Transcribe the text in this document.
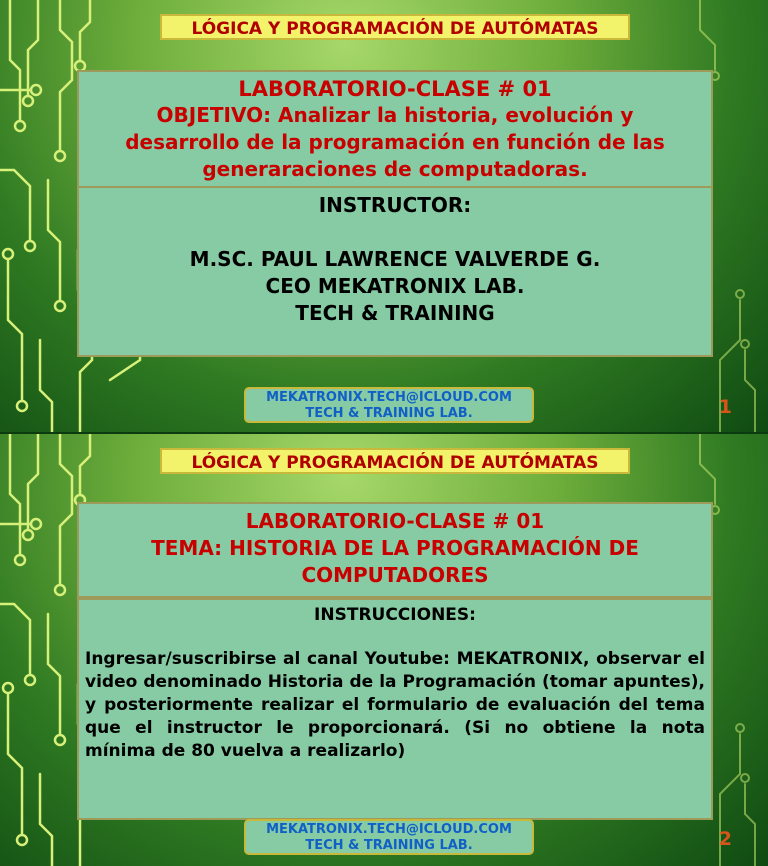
LÓGICA Y PROGRAMACIÓN DE AUTÓMATAS
LABORATORIO-CLASE # 01
OBJETIVO: Analizar la historia, evolución y
desarrollo de la programación en función de las
generaraciones de computadoras.
INSTRUCTOR:
M.SC. PAUL LAWRENCE VALVERDE G.
CEO MEKATRONIX LAB.
TECH & TRAINING
MEKATRONIX.TECH@ICLOUD.COM
TECH & TRAINING LAB.	1
LÓGICA Y PROGRAMACIÓN DE AUTÓMATAS
LABORATORIO-CLASE # 01
TEMA: HISTORIA DE LA PROGRAMACIÓN DE
COMPUTADORES
INSTRUCCIONES:
Ingresar/suscribirse al canal Youtube: MEKATRONIX, observar el video denominado Historia de la Programación (tomar apuntes), y posteriormente realizar el formulario de evaluación del tema que el instructor le proporcionará. (Si no obtiene la nota mínima de 80 vuelva a realizarlo)
MEKATRONIX.TECH@ICLOUD.COM
TECH & TRAINING LAB.	2
